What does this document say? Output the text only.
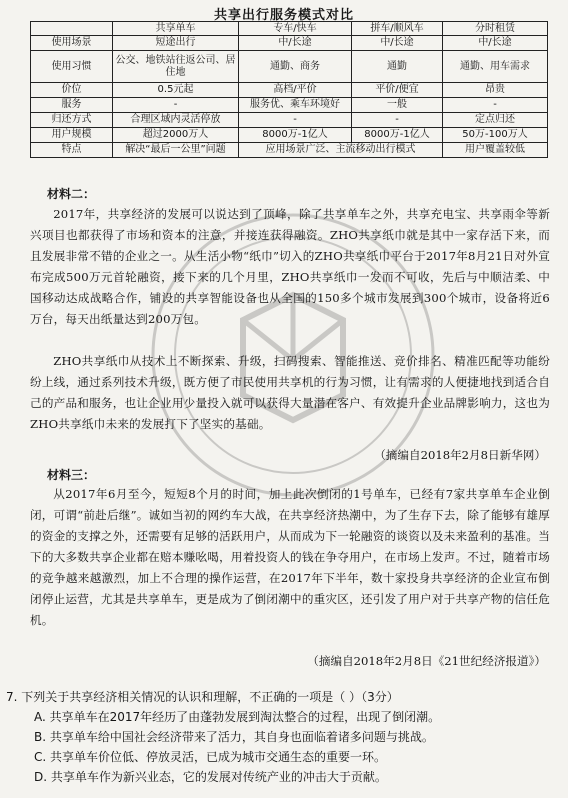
共享出行服务模式对比
	共享单车	专车/快车	拼车/顺风车	分时租赁
使用场景	短途出行	中/长途	中/长途	中/长途
使用习惯	公交、地铁站往返公司、居住地	通勤、商务	通勤	通勤、用车需求
价位	0.5元起	高档/平价	平价/便宜	昂贵
服务	-	服务优、乘车环境好	一般	-
归还方式	合理区域内灵活停放	-	-	定点归还
用户规模	超过2000万人	8000万-1亿人	8000万-1亿人	50万-100万人
特点	解决“最后一公里”问题	应用场景广泛、主流移动出行模式		用户覆盖较低
材料二：

2017年，共享经济的发展可以说达到了顶峰，除了共享单车之外，共享充电宝、共享雨伞等新兴项目也都获得了市场和资本的注意，并接连获得融资。ZHO共享纸巾就是其中一家存活下来，而且发展非常不错的企业之一。从生活小物“纸巾”切入的ZHO共享纸巾平台于2017年8月21日对外宣布完成500万元首轮融资，接下来的几个月里，ZHO共享纸巾一发而不可收，先后与中顺洁柔、中国移动达成战略合作，铺设的共享智能设备也从全国的150多个城市发展到300个城市，设备将近6万台，每天出纸量达到200万包。

ZHO共享纸巾从技术上不断探索、升级，扫码搜索、智能推送、竞价排名、精准匹配等功能纷纷上线，通过系列技术升级，既方便了市民使用共享机的行为习惯，让有需求的人便捷地找到适合自己的产品和服务，也让企业用少量投入就可以获得大量潜在客户、有效提升企业品牌影响力，这也为ZHO共享纸巾未来的发展打下了坚实的基础。

（摘编自2018年2月8日新华网）
材料三：

从2017年6月至今，短短8个月的时间，加上此次倒闭的1号单车，已经有7家共享单车企业倒闭，可谓“前赴后继”。诚如当初的网约车大战，在共享经济热潮中，为了生存下去，除了能够有雄厚的资金的支撑之外，还需要有足够的活跃用户，从而成为下一轮融资的谈资以及未来盈利的基准。当下的大多数共享企业都在赔本赚吆喝，用着投资人的钱在争夺用户，在市场上发声。不过，随着市场的竞争越来越激烈，加上不合理的操作运营，在2017年下半年，数十家投身共享经济的企业宣布倒闭停止运营，尤其是共享单车，更是成为了倒闭潮中的重灾区，还引发了用户对于共享产物的信任危机。

（摘编自2018年2月8日《21世纪经济报道》）
7. 下列关于共享经济相关情况的认识和理解，不正确的一项是（ ）（3分）
A. 共享单车在2017年经历了由蓬勃发展到淘汰整合的过程，出现了倒闭潮。
B. 共享单车给中国社会经济带来了活力，其自身也面临着诸多问题与挑战。
C. 共享单车价位低、停放灵活，已成为城市交通生态的重要一环。
D. 共享单车作为新兴业态，它的发展对传统产业的冲击大于贡献。
